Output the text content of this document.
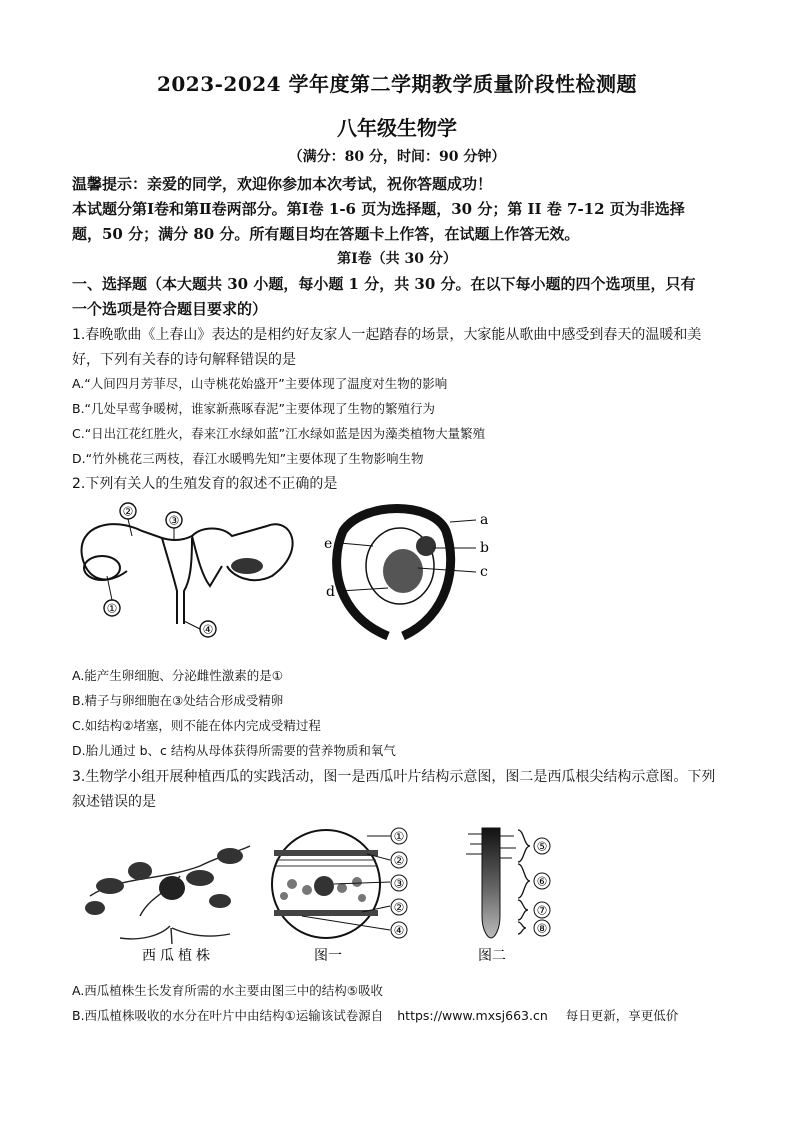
2023-2024 学年度第二学期教学质量阶段性检测题
八年级生物学
（满分：80 分，时间：90 分钟）
温馨提示：亲爱的同学，欢迎你参加本次考试，祝你答题成功！
本试题分第Ⅰ卷和第Ⅱ卷两部分。第Ⅰ卷 1-6 页为选择题，30 分；第 II 卷 7-12 页为非选择
题，50 分；满分 80 分。所有题目均在答题卡上作答，在试题上作答无效。
第Ⅰ卷（共 30 分）
一、选择题（本大题共 30 小题，每小题 1 分，共 30 分。在以下每小题的四个选项里，只有
一个选项是符合题目要求的）
1.春晚歌曲《上春山》表达的是相约好友家人一起踏春的场景，大家能从歌曲中感受到春天的温暖和美
好，下列有关春的诗句解释错误的是
A.“人间四月芳菲尽，山寺桃花始盛开”主要体现了温度对生物的影响
B.“几处早莺争暖树，谁家新燕啄春泥”主要体现了生物的繁殖行为
C.“日出江花红胜火，春来江水绿如蓝”江水绿如蓝是因为藻类植物大量繁殖
D.“竹外桃花三两枝，春江水暖鸭先知”主要体现了生物影响生物
2.下列有关人的生殖发育的叙述不正确的是
②
③
①
④
a
b
c
d
e
A.能产生卵细胞、分泌雌性激素的是①
B.精子与卵细胞在③处结合形成受精卵
C.如结构②堵塞，则不能在体内完成受精过程
D.胎儿通过 b、c 结构从母体获得所需要的营养物质和氧气
3.生物学小组开展种植西瓜的实践活动，图一是西瓜叶片结构示意图，图二是西瓜根尖结构示意图。下列
叙述错误的是
西瓜植株
①
②
③
②
④
图一
⑤
⑥
⑦
⑧
图二
A.西瓜植株生长发育所需的水主要由图三中的结构⑤吸收
B.西瓜植株吸收的水分在叶片中由结构①运输该试卷源自 https://www.mxsj663.cn 每日更新，享更低价
